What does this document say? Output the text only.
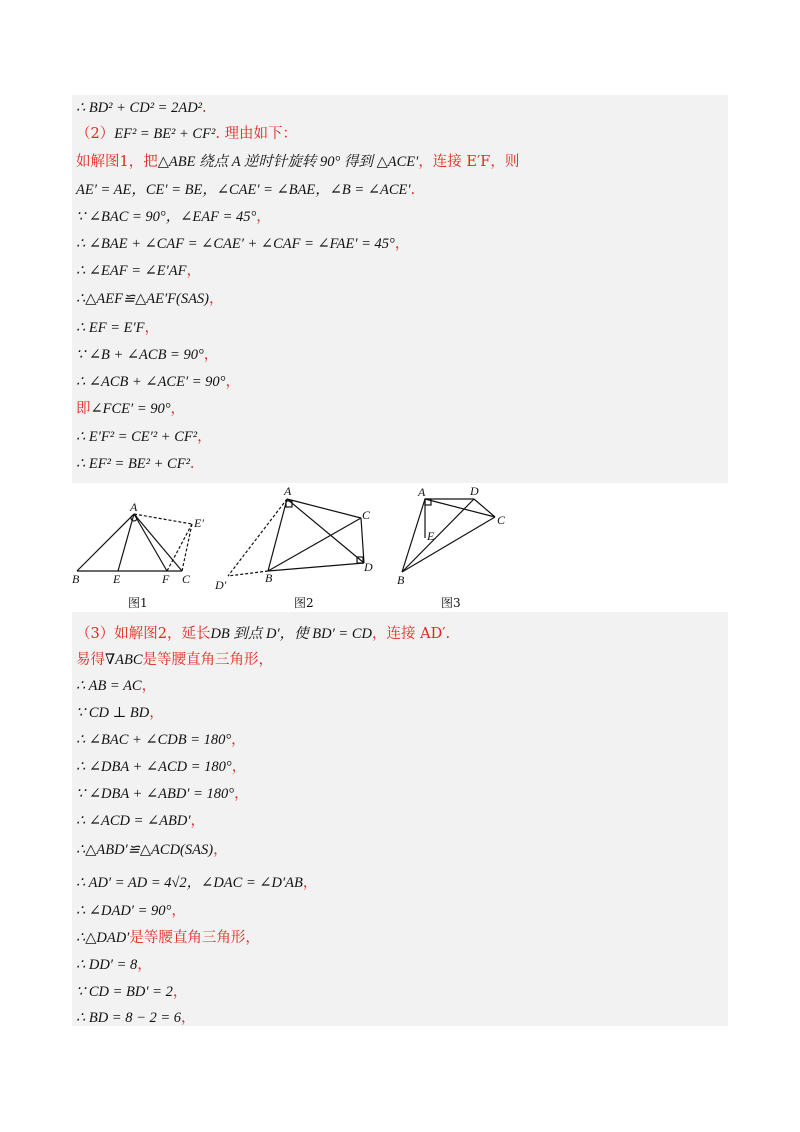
∴ BD² + CD² = 2AD².
（2）EF² = BE² + CF². 理由如下：
如解图1，把△ABE 绕点 A 逆时针旋转 90° 得到 △ACE′，连接 E′F，则
AE′ = AE，CE′ = BE，∠CAE′ = ∠BAE，∠B = ∠ACE′.
∵ ∠BAC = 90°，∠EAF = 45°，
∴ ∠BAE + ∠CAF = ∠CAE′ + ∠CAF = ∠FAE′ = 45°，
∴ ∠EAF = ∠E′AF，
∴△AEF≌△AE′F(SAS)，
∴ EF = E′F，
∵ ∠B + ∠ACB = 90°，
∴ ∠ACB + ∠ACE′ = 90°，
即∠FCE′ = 90°，
∴ E′F² = CE′² + CF²，
∴ EF² = BE² + CF².
A
B	E	F C
E′
图1
A
B
C
D
D′
图2
A	D
C
E
B
图3
（3）如解图2，延长DB 到点 D′，使 BD′ = CD，连接 AD′.
易得∇ABC是等腰直角三角形，
∴ AB = AC，
∵ CD ⊥ BD，
∴ ∠BAC + ∠CDB = 180°，
∴ ∠DBA + ∠ACD = 180°，
∵ ∠DBA + ∠ABD′ = 180°，
∴ ∠ACD = ∠ABD′，
∴△ABD′≌△ACD(SAS)，
∴ AD′ = AD = 4√2，∠DAC = ∠D′AB，
∴ ∠DAD′ = 90°，
∴△DAD′是等腰直角三角形，
∴ DD′ = 8，
∵ CD = BD′ = 2，
∴ BD = 8 − 2 = 6，
